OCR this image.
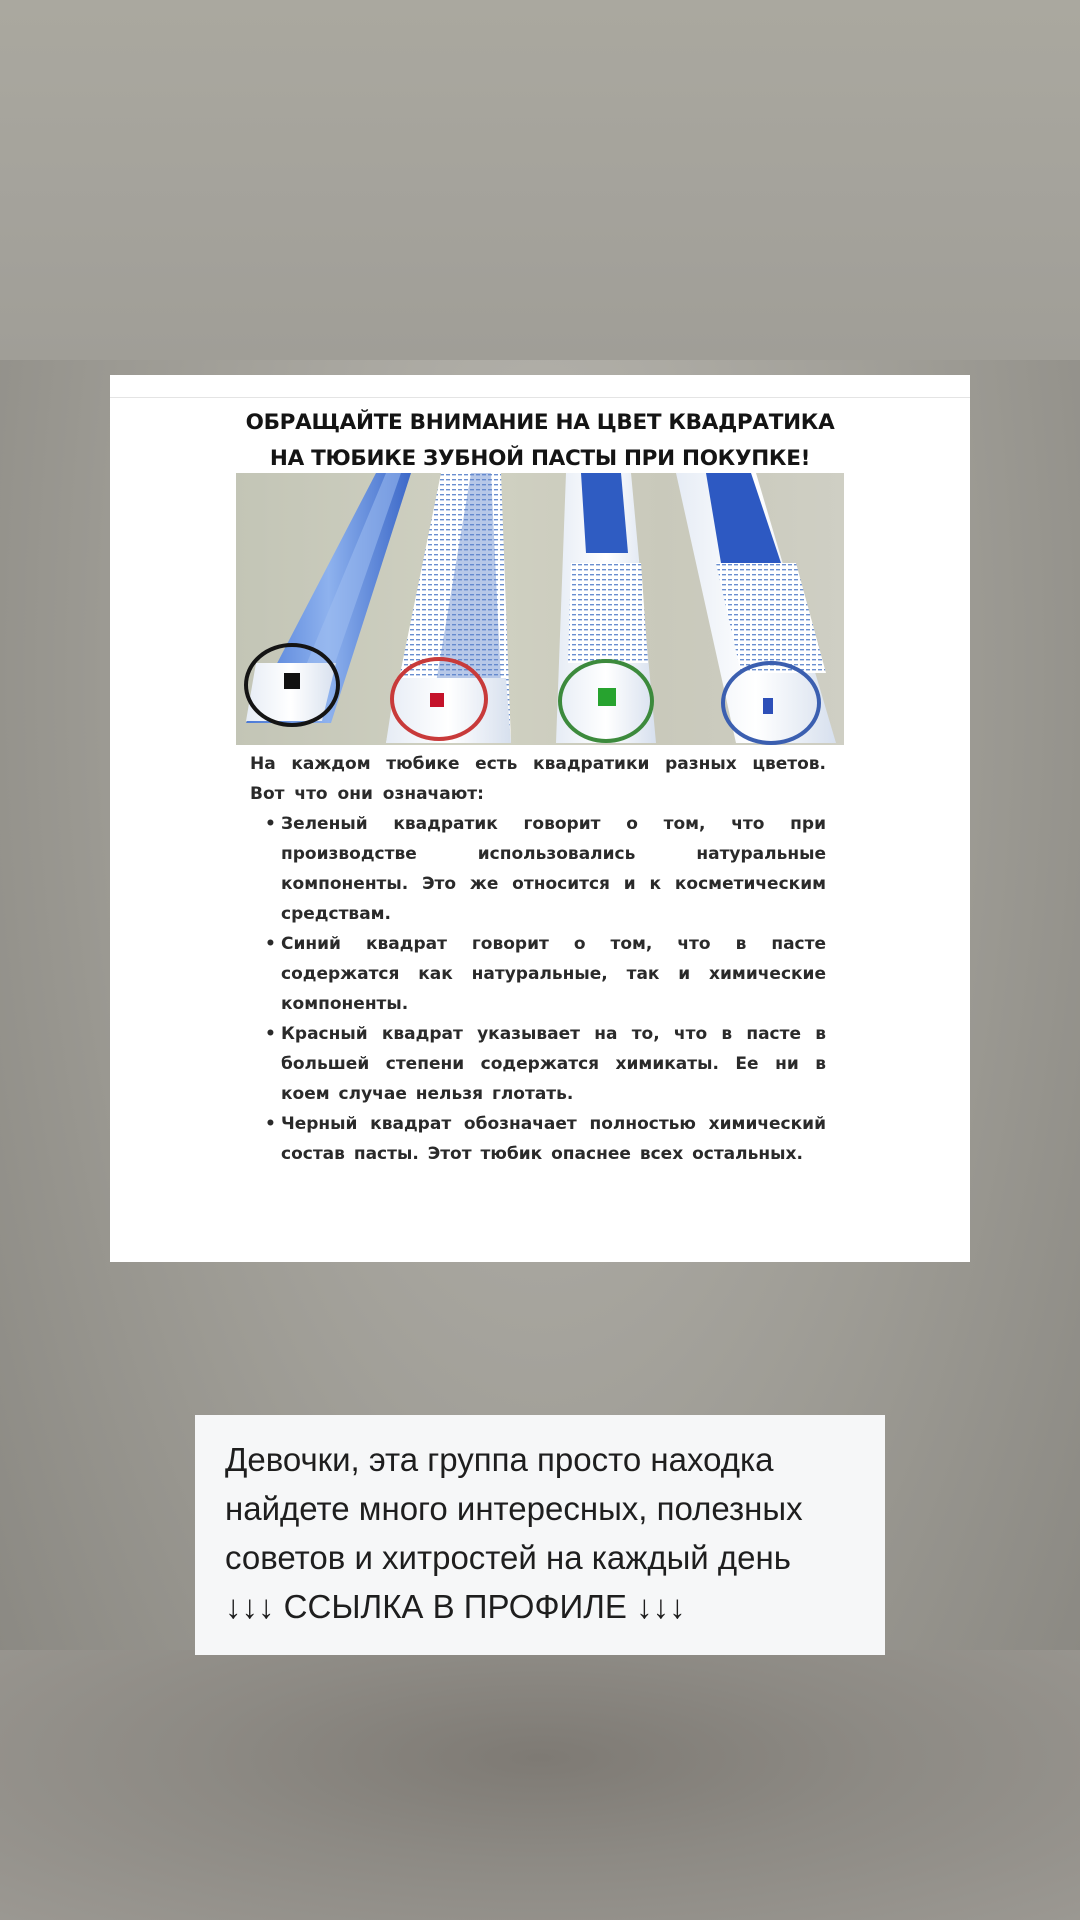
ОБРАЩАЙТЕ ВНИМАНИЕ НА ЦВЕТ КВАДРАТИКА
НА ТЮБИКЕ ЗУБНОЙ ПАСТЫ ПРИ ПОКУПКЕ!

На каждом тюбике есть квадратики разных цветов. Вот что они означают:

• Зеленый квадратик говорит о том, что при производстве использовались натуральные компоненты. Это же относится и к косметическим средствам.
• Синий квадрат говорит о том, что в пасте содержатся как натуральные, так и химические компоненты.
• Красный квадрат указывает на то, что в пасте в большей степени содержатся химикаты. Ее ни в коем случае нельзя глотать.
• Черный квадрат обозначает полностью химический состав пасты. Этот тюбик опаснее всех остальных.
Девочки, эта группа просто находка
найдете много интересных, полезных
советов и хитростей на каждый день
↓↓↓ ССЫЛКА В ПРОФИЛЕ ↓↓↓
